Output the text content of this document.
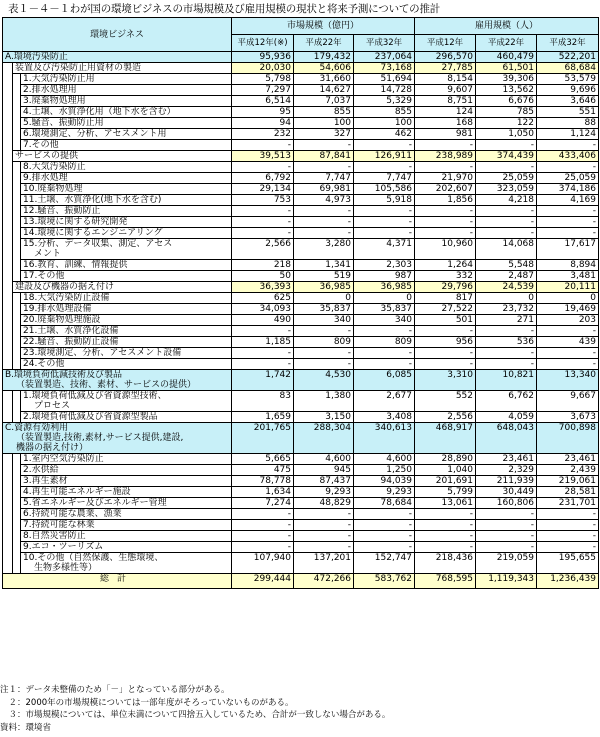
表１－４－１わが国の環境ビジネスの市場規模及び雇用規模の現状と将来予測についての推計
環境ビジネス			市場規模（億円）			雇用規模（人）		
			平成12年(※)	平成22年	平成32年	平成12年	平成22年	平成32年

A.環境汚染防止			95,936	179,432	237,064	296,570	460,479	522,201

	装置及び汚染防止用資材の製造		20,030	54,606	73,168	27,785	61,501	68,684

		1.大気汚染防止用	5,798	31,660	51,694	8,154	39,306	53,579

		2.排水処理用	7,297	14,627	14,728	9,607	13,562	9,696

		3.廃棄物処理用	6,514	7,037	5,329	8,751	6,676	3,646

		4.土壌、水質浄化用（地下水を含む）	95	855	855	124	785	551

		5.騒音、振動防止用	94	100	100	168	122	88

		6.環境測定、分析、アセスメント用	232	327	462	981	1,050	1,124

		7.その他	-	-	-	-	-	-

	サービスの提供		39,513	87,841	126,911	238,989	374,439	433,406

		8.大気汚染防止	-	-	-	-	-	-

		9.排水処理	6,792	7,747	7,747	21,970	25,059	25,059

		10.廃棄物処理	29,134	69,981	105,586	202,607	323,059	374,186

		11.土壌、水質浄化(地下水を含む)	753	4,973	5,918	1,856	4,218	4,169

		12.騒音、振動防止	-	-	-	-	-	-

		13.環境に関する研究開発	-	-	-	-	-	-

		14.環境に関するエンジニアリング	-	-	-	-	-	-

		15.分析、データ収集、測定、アセス
メント	2,566	3,280	4,371	10,960	14,068	17,617

		16.教育、訓練、情報提供	218	1,341	2,303	1,264	5,548	8,894

		17.その他	50	519	987	332	2,487	3,481

	建設及び機器の据え付け		36,393	36,985	36,985	29,796	24,539	20,111

		18.大気汚染防止設備	625	0	0	817	0	0

		19.排水処理設備	34,093	35,837	35,837	27,522	23,732	19,469

		20.廃棄物処理施設	490	340	340	501	271	203

		21.土壌、水質浄化設備	-	-	-	-	-	-

		22.騒音、振動防止設備	1,185	809	809	956	536	439

		23.環境測定、分析、アセスメント設備	-	-	-	-	-	-

		24.その他	-	-	-	-	-	-

B.環境負荷低減技術及び製品
（装置製造、技術、素材、サービスの提供）			1,742	4,530	6,085	3,310	10,821	13,340

		1.環境負荷低減及び省資源型技術、
プロセス	83	1,380	2,677	552	6,762	9,667

		2.環境負荷低減及び省資源型製品	1,659	3,150	3,408	2,556	4,059	3,673

C.資源有効利用
（装置製造,技術,素材,サービス提供,建設,
機器の据え付け）			201,765	288,304	340,613	468,917	648,043	700,898

		1.室内空気汚染防止	5,665	4,600	4,600	28,890	23,461	23,461

		2.水供給	475	945	1,250	1,040	2,329	2,439

		3.再生素材	78,778	87,437	94,039	201,691	211,939	219,061

		4.再生可能エネルギー施設	1,634	9,293	9,293	5,799	30,449	28,581

		5.省エネルギー及びエネルギー管理	7,274	48,829	78,684	13,061	160,806	231,701

		6.持続可能な農業、漁業	-	-	-	-	-	-

		7.持続可能な林業	-	-	-	-	-	-

		8.自然災害防止	-	-	-	-	-	-

		9.エコ・ツーリズム	-	-	-	-	-	-

		10.その他（自然保護、生態環境、
生物多様性等）	107,940	137,201	152,747	218,436	219,059	195,655
総計			299,444	472,266	583,762	768,595	1,119,343	1,236,439
注１：データ未整備のため「－」となっている部分がある。
　２：2000年の市場規模については一部年度がそろっていないものがある。
　３：市場規模については、単位未満について四捨五入しているため、合計が一致しない場合がある。
資料：環境省
